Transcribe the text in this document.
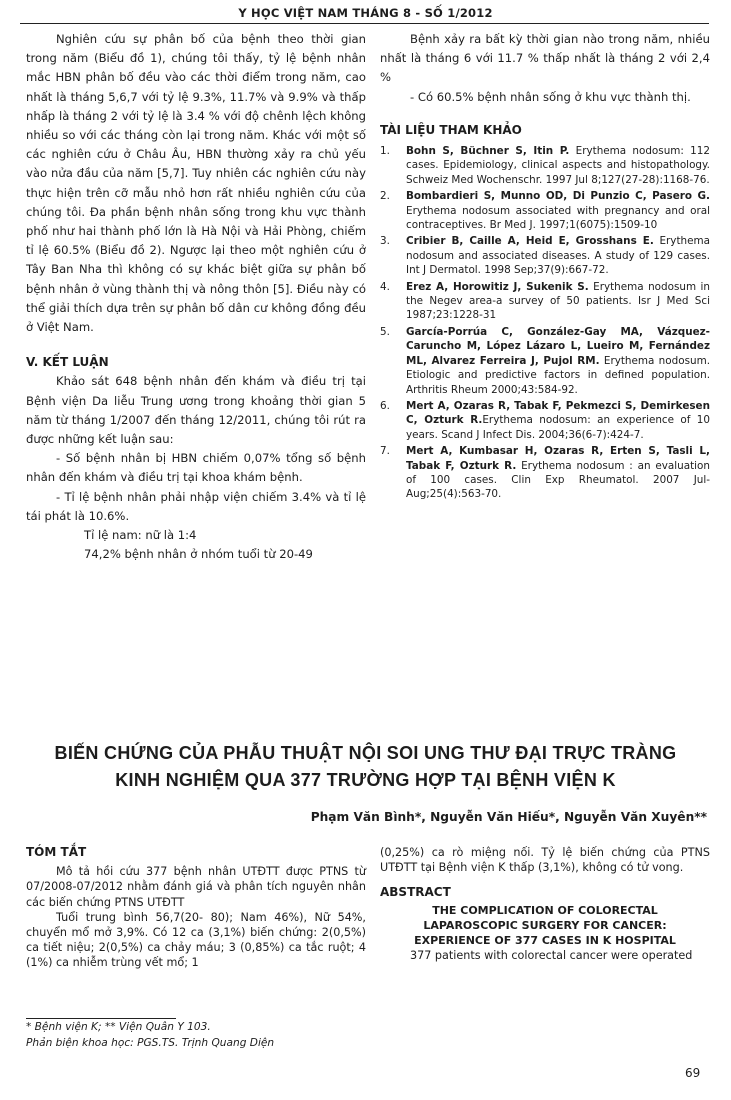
Y HỌC VIỆT NAM THÁNG 8 - SỐ 1/2012

Nghiên cứu sự phân bố của bệnh theo thời gian trong năm (Biểu đồ 1), chúng tôi thấy, tỷ lệ bệnh nhân mắc HBN phân bố đều vào các thời điểm trong năm, cao nhất là tháng 5,6,7 với tỷ lệ 9.3%, 11.7% và 9.9% và thấp nhấp là tháng 2 với tỷ lệ là 3.4 % với độ chênh lệch không nhiều so với các tháng còn lại trong năm. Khác với một số các nghiên cứu ở Châu Âu, HBN thường xảy ra chủ yếu vào nửa đầu của năm [5,7]. Tuy nhiên các nghiên cứu này thực hiện trên cỡ mẫu nhỏ hơn rất nhiều nghiên cứu của chúng tôi. Đa phần bệnh nhân sống trong khu vực thành phố như hai thành phố lớn là Hà Nội và Hải Phòng, chiếm tỉ lệ 60.5% (Biểu đồ 2). Ngược lại theo một nghiên cứu ở Tây Ban Nha thì không có sự khác biệt giữa sự phân bố bệnh nhân ở vùng thành thị và nông thôn [5]. Điều này có thể giải thích dựa trên sự phân bố dân cư không đồng đều ở Việt Nam.

V. KẾT LUẬN

Khảo sát 648 bệnh nhân đến khám và điều trị tại Bệnh viện Da liễu Trung ương trong khoảng thời gian 5 năm từ tháng 1/2007 đến tháng 12/2011, chúng tôi rút ra được những kết luận sau:

- Số bệnh nhân bị HBN chiếm 0,07% tổng số bệnh nhân đến khám và điều trị tại khoa khám bệnh.

- Tỉ lệ bệnh nhân phải nhập viện chiếm 3.4% và tỉ lệ tái phát là 10.6%.

Tỉ lệ nam: nữ là 1:4

74,2% bệnh nhân ở nhóm tuổi từ 20-49

Bệnh xảy ra bất kỳ thời gian nào trong năm, nhiều nhất là tháng 6 với 11.7 % thấp nhất là tháng 2 với 2,4 %

- Có 60.5% bệnh nhân sống ở khu vực thành thị.

TÀI LIỆU THAM KHẢO

1.	Bohn S, Büchner S, Itin P. Erythema nodosum: 112 cases. Epidemiology, clinical aspects and histopathology. Schweiz Med Wochenschr. 1997 Jul 8;127(27-28):1168-76.
2.	Bombardieri S, Munno OD, Di Punzio C, Pasero G. Erythema nodosum associated with pregnancy and oral contraceptives. Br Med J. 1997;1(6075):1509-10
3.	Cribier B, Caille A, Heid E, Grosshans E. Erythema nodosum and associated diseases. A study of 129 cases. Int J Dermatol. 1998 Sep;37(9):667-72.
4.	Erez A, Horowitiz J, Sukenik S. Erythema nodosum in the Negev area-a survey of 50 patients. Isr J Med Sci 1987;23:1228-31
5.	García-Porrúa C, González-Gay MA, Vázquez-Caruncho M, López Lázaro L, Lueiro M, Fernández ML, Alvarez Ferreira J, Pujol RM. Erythema nodosum. Etiologic and predictive factors in defined population. Arthritis Rheum 2000;43:584-92.
6.	Mert A, Ozaras R, Tabak F, Pekmezci S, Demirkesen C, Ozturk R.Erythema nodosum: an experience of 10 years. Scand J Infect Dis. 2004;36(6-7):424-7.
7.	Mert A, Kumbasar H, Ozaras R, Erten S, Tasli L, Tabak F, Ozturk R. Erythema nodosum : an evaluation of 100 cases. Clin Exp Rheumatol. 2007 Jul-Aug;25(4):563-70.
BIẾN CHỨNG CỦA PHẪU THUẬT NỘI SOI UNG THƯ ĐẠI TRỰC TRÀNG
KINH NGHIỆM QUA 377 TRƯỜNG HỢP TẠI BỆNH VIỆN K
Phạm Văn Bình*, Nguyễn Văn Hiếu*, Nguyễn Văn Xuyên**

TÓM TẮT

Mô tả hồi cứu 377 bệnh nhân UTĐTT được PTNS từ 07/2008-07/2012 nhằm đánh giá và phân tích nguyên nhân các biến chứng PTNS UTĐTT

Tuổi trung bình 56,7(20- 80); Nam 46%), Nữ 54%, chuyển mổ mở 3,9%. Có 12 ca (3,1%) biến chứng: 2(0,5%) ca tiết niệu; 2(0,5%) ca chảy máu; 3 (0,85%) ca tắc ruột; 4 (1%) ca nhiễm trùng vết mổ; 1

(0,25%) ca rò miệng nối. Tỷ lệ biến chứng của PTNS UTĐTT tại Bệnh viện K thấp (3,1%), không có tử vong.

ABSTRACT

THE COMPLICATION OF COLORECTAL

LAPAROSCOPIC SURGERY FOR CANCER:

EXPERIENCE OF 377 CASES IN K HOSPITAL

377 patients with colorectal cancer were operated

* Bệnh viện K; ** Viện Quân Y 103.
Phản biện khoa học: PGS.TS. Trịnh Quang Diện
69
